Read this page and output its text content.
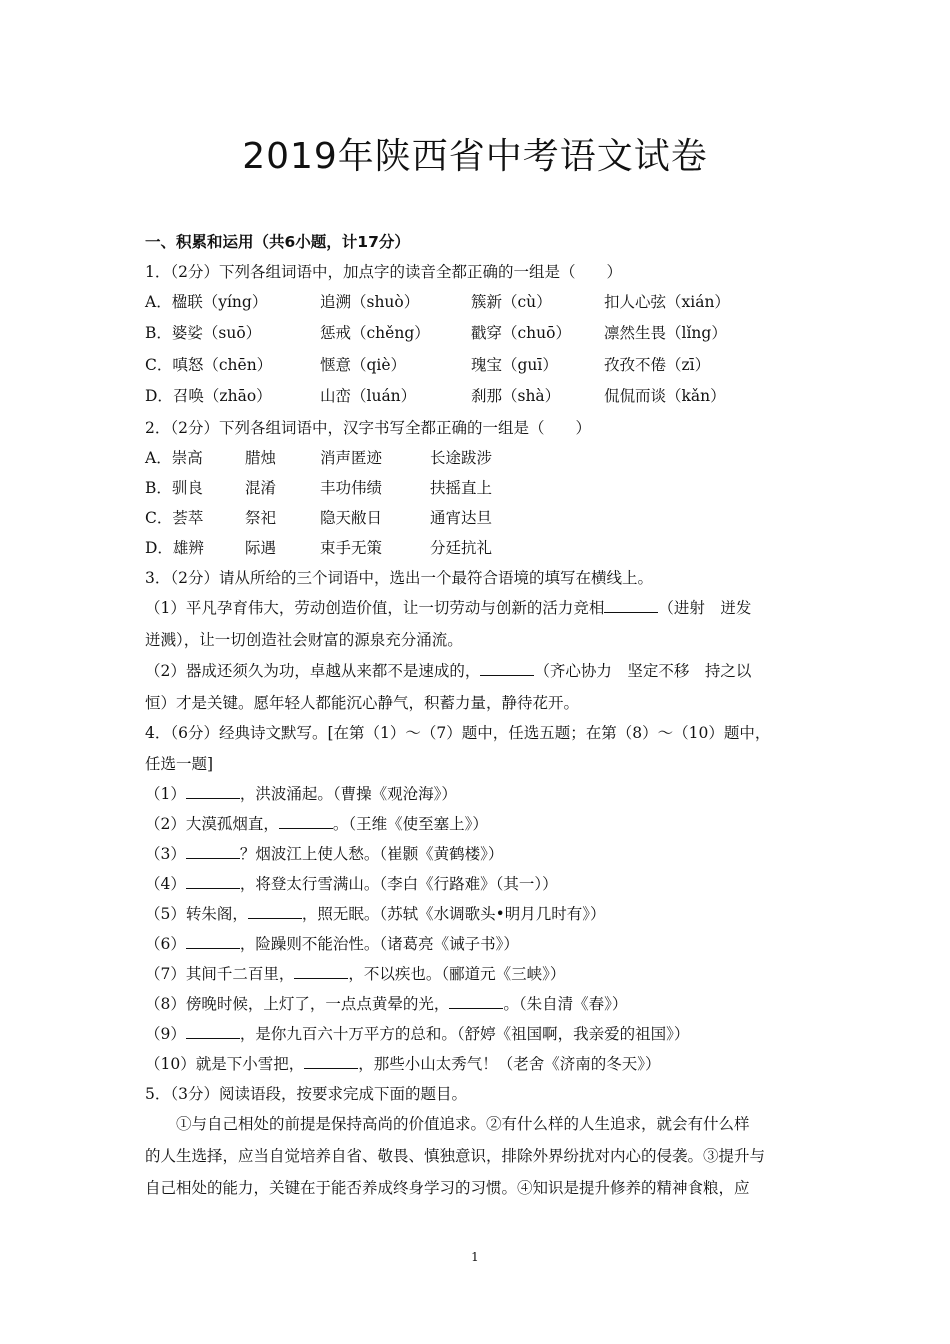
2019年陕西省中考语文试卷
一、积累和运用（共6小题，计17分）
1．（2分）下列各组词语中，加点字的读音全都正确的一组是（　　）
A．楹联（yíng）	追溯（shuò）	簇新（cù）	扣人心弦（xián）
B．婆娑（suō）	惩戒（chěng）	戳穿（chuō） 凛然生畏（lǐng）
C．嗔怒（chēn）	惬意（qiè）	瑰宝（guī）	孜孜不倦（zī）
D．召唤（zhāo）	山峦（luán）	刹那（shà）	侃侃而谈（kǎn）
2．（2分）下列各组词语中，汉字书写全都正确的一组是（　　）
A．崇高	腊烛	消声匿迹	长途跋涉
B．驯良	混淆	丰功伟绩	扶摇直上
C．荟萃	祭祀	隐天敝日	通宵达旦
D．雄辨	际遇	束手无策	分廷抗礼
3．（2分）请从所给的三个词语中，选出一个最符合语境的填写在横线上。
（1）平凡孕育伟大，劳动创造价值，让一切劳动与创新的活力竞相	（进射　迸发
迸溅），让一切创造社会财富的源泉充分涌流。
（2）器成还须久为功，卓越从来都不是速成的，	（齐心协力　坚定不移　持之以
恒）才是关键。愿年轻人都能沉心静气，积蓄力量，静待花开。
4．（6分）经典诗文默写。[在第（1）～（7）题中，任选五题；在第（8）～（10）题中，
任选一题]
（1）	，洪波涌起。（曹操《观沧海》）
（2）大漠孤烟直，	。（王维《使至塞上》）
（3）	？烟波江上使人愁。（崔颢《黄鹤楼》）
（4）	，将登太行雪满山。（李白《行路难》（其一））
（5）转朱阁，	，照无眠。（苏轼《水调歌头•明月几时有》）
（6）	，险躁则不能治性。（诸葛亮《诫子书》）
（7）其间千二百里，	，不以疾也。（郦道元《三峡》）
（8）傍晚时候，上灯了，一点点黄晕的光，	。（朱自清《春》）
（9）	，是你九百六十万平方的总和。（舒婷《祖国啊，我亲爱的祖国》）
（10）就是下小雪把，	，那些小山太秀气！（老舍《济南的冬天》）
5．（3分）阅读语段，按要求完成下面的题目。
　　①与自己相处的前提是保持高尚的价值追求。②有什么样的人生追求，就会有什么样
的人生选择，应当自觉培养自省、敬畏、慎独意识，排除外界纷扰对内心的侵袭。③提升与
自己相处的能力，关键在于能否养成终身学习的习惯。④知识是提升修养的精神食粮，应
1
